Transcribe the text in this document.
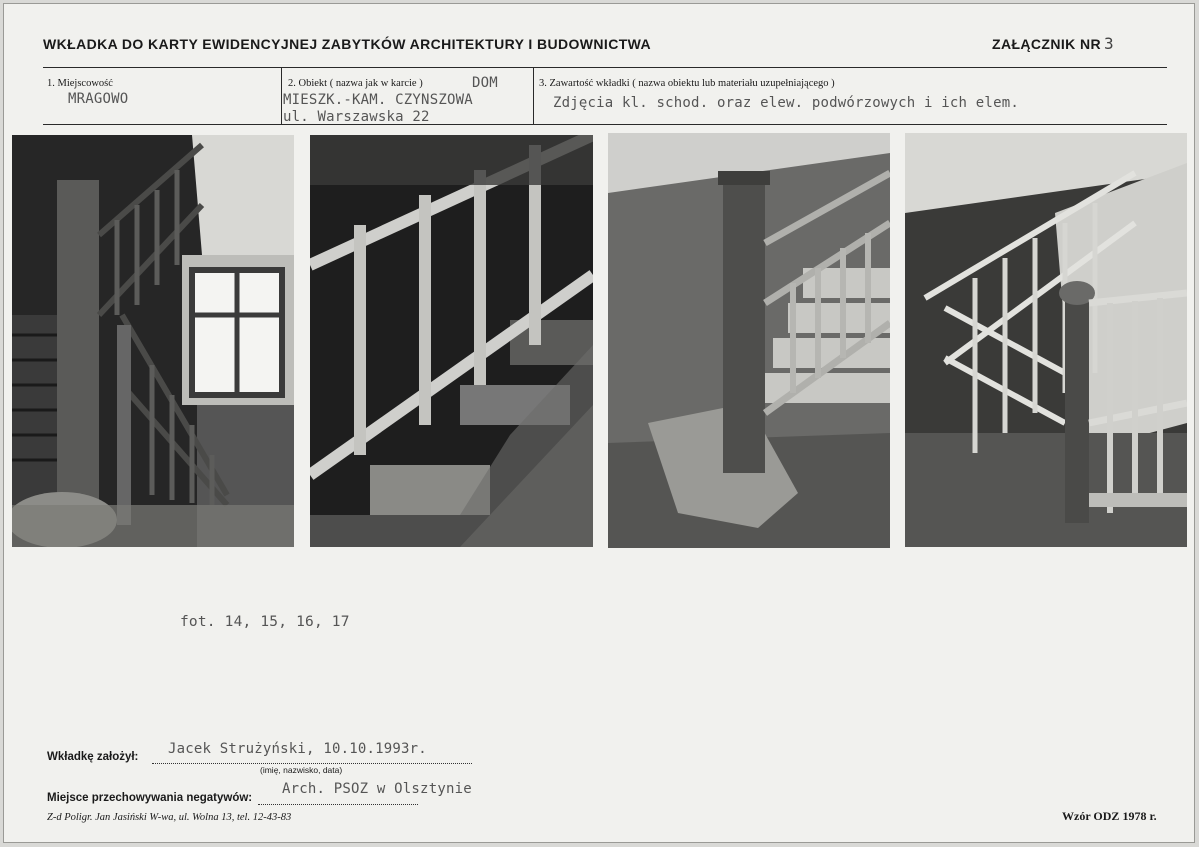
WKŁADKA DO KARTY EWIDENCYJNEJ ZABYTKÓW ARCHITEKTURY I BUDOWNICTWA	ZAŁĄCZNIK NR 3
1. Miejscowość
MRAGOWO
2. Obiekt ( nazwa jak w karcie )	DOM
MIESZK.-KAM. CZYNSZOWA
ul. Warszawska 22
3. Zawartość wkładki ( nazwa obiektu lub materiału uzupełniającego )
Zdjęcia kl. schod. oraz elew. podwórzowych i ich elem.
fot. 14, 15, 16, 17
Wkładkę założył: Jacek Strużyński, 10.10.1993r.
(imię, nazwisko, data)
Miejsce przechowywania negatywów:
Arch. PSOZ w Olsztynie
Z-d Poligr. Jan Jasiński W-wa, ul. Wolna 13, tel. 12-43-83	Wzór ODZ 1978 r.
